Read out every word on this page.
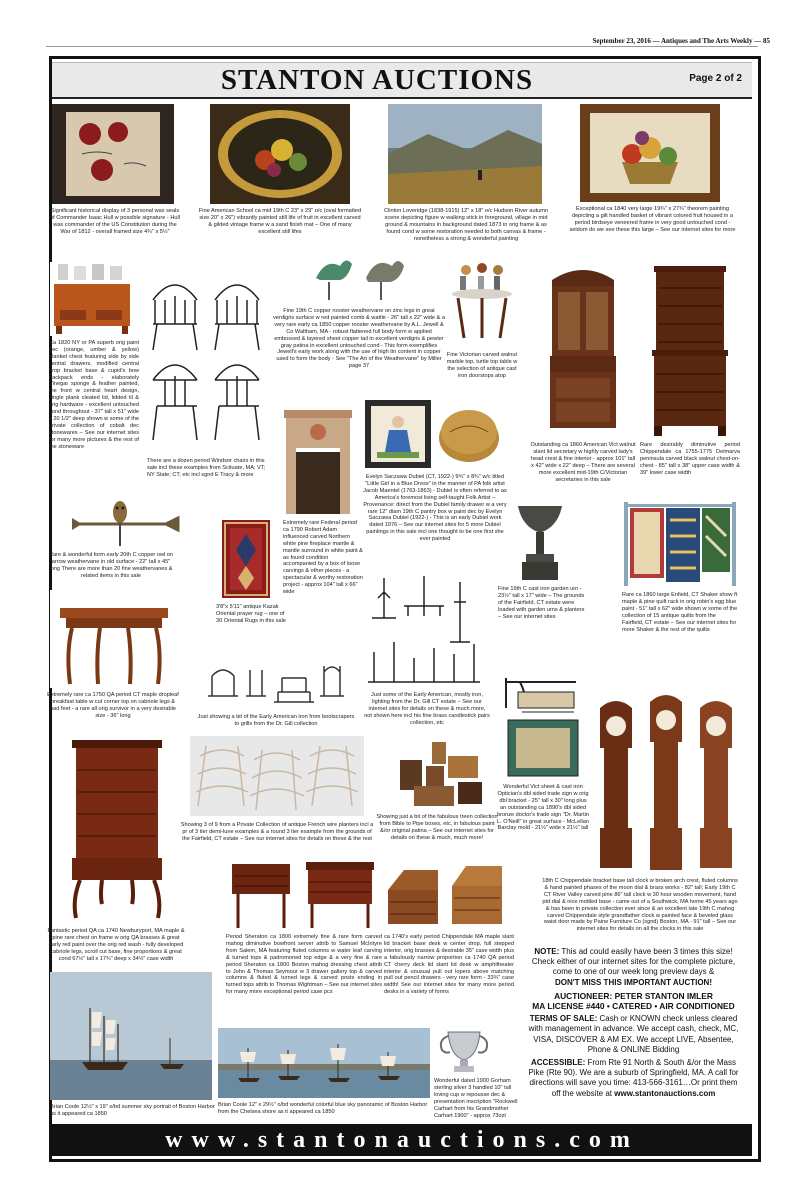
September 23, 2016 — Antiques and The Arts Weekly — 85
STANTON AUCTIONS	Page 2 of 2
Significant historical display of 3 personal wax seals of Commander Isaac Hull w possible signature - Hull was commander of the US Constitution during the War of 1812 - overall framed size 4¾" x 5½"
Fine American School ca mid 19th C 23" x 29" o/c (oval formatted size 20" x 26") vibrantly painted still life of fruit in excellent carved & gilded vintage frame w a sand finish mat – One of many excellent still lifes
Clinton Loveridge (1838-1915) 12" x 18" o/c Hudson River autumn scene depicting figure w walking stick in foreground, village in mid ground & mountains in background dated 1873 in orig frame & as found cond w some restoration needed to both canvas & frame - nonetheless a strong & wonderful painting
Exceptional ca 1840 very large 19¾" x 27¾" theorem painting depicting a gilt handled basket of vibrant colored fruit housed in a period birdseye veneered frame in very good untouched cond - seldom do we see these this large – See our internet sites for more
Ca 1820 NY or PA superb orig paint dec (orange, umber & yellow) blanket chest featuring side by side central drawers, modified central drop bracket base & cupid's bow backpack ends - elaborately Vinegar sponge & feather painted, the front w central heart design, single plank cleated lid, lidded til & orig hardware - excellent untouched cond throughout - 37" tall x 51" wide x 20 1/2" deep shown w some of the private collection of cobalt dec stonewares – See our internet sites for many more pictures & the rest of the stoneware
There are a dozen period Windsor chairs in this sale incl these examples from Scituate, MA; VT; NY State; CT; etc incl sgnd E Tracy & more
Fine 19th C copper rooster weathervane on zinc legs in great verdigris surface w red painted comb & wattle - 26" tall x 22" wide & a very rare early ca 1850 copper rooster weathervane by A.L. Jewell & Co Waltham, MA - robust flattened full body form w applied embossed & layered sheet copper tail in excellent verdigris & pewter gray patina in excellent untouched cond - This form exemplifies Jewell's early work along with the use of high tin content in copper used to form the body - See "The Art of the Weathervane" by Miller page 37
Fine Victorian carved walnut marble top, turtle top table w the selection of antique cast iron doorstops atop
Outstanding ca 1860 American Vict walnut slant lid secretary w highly carved lady's head crest & fine interior - approx 101" tall x 42" wide x 22" deep – There are several more excellent mid-19th C/Victorian secretaries in this sale
Rare desirably diminutive period Chippendale ca 1755-1775 Delmarva peninsula carved black walnut chest-on-chest - 85" tall x 38" upper case width & 39" lower case width
Extremely rare Federal period ca 1790 Robert Adam influenced carved Northern white pine fireplace mantle & mantle surround in white paint & as found condition accompanied by a box of loose carvings & other pieces - a spectacular & worthy restoration project - approx 104" tall x 66" wide
Evelyn Saczawa Dubiel (CT, 1922-) 9¾" x 8¾" w/c titled "Little Girl in a Blue Dress" in the manner of PA folk artist Jacob Maentel (1763-1863) - Dubiel is often referred to as America's foremost living self-taught Folk Artist – Provenance: direct from the Dubiel family drawer w a very rare 12" diam 19th C pantry box w paint dec by Evelyn Saczawa Dubiel (1922-) - This is an early Dubiel work dated 1976 – See our internet sites for 5 more Dubiel paintings in this sale incl one thought to be one first she ever painted
Rare & wonderful form early 20th C copper owl on arrow weathervane in old surface - 22" tall x 45" long There are more than 20 fine weathervanes & related items in this sale
3'8"x 5'11" antique Kazak Oriental prayer rug – one of 30 Oriental Rugs in this sale
Fine 19th C cast iron garden urn - 23½" tall x 17" wide – The grounds of the Fairfield, CT estate were loaded with garden urns & planters – See our internet sites
Rare ca 1860 large Enfield, CT Shaker show ft maple & pine quilt rack in orig robin's egg blue paint - 51" tall x 62" wide shown w some of the collection of 15 antique quilts from the Fairfield, CT estate – See our internet sites for more Shaker & the rest of the quilts
Extremely rare ca 1750 QA period CT maple dropleaf breakfast table w cut corner top on cabriole legs & pad feet - a rare all orig survivor in a very desirable size - 36" long
Just some of the Early American, mostly iron, lighting from the Dr. Gill CT estate – See our internet sites for details on these & much more, not shown here incl his fine brass candlestick pairs collection, etc
Just showing a bit of the Early American iron from bootscrapers to grills from the Dr. Gill collection
Wonderful Vict sheet & cast iron Optician's dbl sided trade sign w orig dbl bracket - 25" tall x 30" long plus an outstanding ca 1890's dbl sided bronze doctor's trade sign "Dr. Martin L. O'Neill" in great surface - McLellan Barclay mold - 21½" wide x 21½" tall
Fantastic period QA ca 1740 Newburyport, MA maple & pine rare chest on frame w orig QA brasses & great early red paint over the orig red wash - fully developed cabriole legs, scroll cut base, fine proportions & great cond 67½" tall x 17¾" deep x 34½" case width
Showing 3 of 9 from a Private Collection of antique French wire planters incl a pr of 3 tier demi-lune examples & a round 3 tier example from the grounds of the Fairfield, CT estate – See our internet sites for details on these & the rest
Showing just a bit of the fabulous treen collection from Bible to Pipe boxes, etc, in fabulous paint &/or original patina – See our internet sites for details on these & much, much more!
18th C Chippendale bracket base tall clock w broken arch crest, fluted columns & hand painted phases of the moon dial & brass works - 82" tall; Early 19th C CT River Valley carved pine 86" tall clock w 30 hour wooden movement, hand ptd dial & nice mottled base - came out of a Southwick, MA home 45 years ago & has been in private collection ever since & an excellent late 19th C mahog carved Chippendale style grandfather clock w painted face & beveled glass waist door made by Paine Furniture Co (sgnd) Boston, MA - 91" tall – See our internet sites for details on all the clocks in this sale
Period Sheraton ca 1800 extremely fine & rare form carved mahog diminutive bowfront server attrib to Samuel McIntyre from Salem, MA featuring fluted columns w water leaf carving & turned tops & padromoned top edge & a very fine & rare period Sheraton ca 1800 Boston mahog dressing chest attrib to John & Thomas Seymour w 3 drawer gallery top & carved columns & fluted & turned legs & carved posts ending in turned tops attrib to Thomas Wightman – See our internet sites for many more exceptional period case pcs
ca 1740's early period Chippendale MA maple slant lid bracket base desk w center drop, full stepped interior, orig brasses & desirable 35" case width plus a fabulously narrow proportion ca 1740 QA period CT cherry deck lid slant lid desk w amphitheater interior & unusual pull out lopers above matching pull out pencil drawers - very rare form - 33¾" case width! See our internet sites for many more period desks in a variety of forms
Brian Coole 12½" x 19" o/bd summer sky portrait of Boston Harbor as it appeared ca 1850
Brian Coole 12" x 29½" o/bd wonderful colorful blue sky panoramic of Boston Harbor from the Chelsea shore as it appeared ca 1850
Wonderful dated 1900 Gorham sterling silver 3 handled 10" tall loving cup w repousse dec & presentation inscription "Rockwell Carhart from his Grandmother Carhart 1900" - approx 73ozt

NOTE: This ad could easily have been 3 times this size! Check either of our internet sites for the complete picture, come to one of our week long preview days &
DON'T MISS THIS IMPORTANT AUCTION!

AUCTIONEER: PETER STANTON IMLER
MA LICENSE #440 • CATERED • AIR CONDITIONED

TERMS OF SALE: Cash or KNOWN check unless cleared with management in advance. We accept cash, check, MC, VISA, DISCOVER & AM EX. We accept LIVE, Absentee, Phone & ONLINE Bidding

ACCESSIBLE: From Rte 91 North & South &/or the Mass Pike (Rte 90). We are a suburb of Springfield, MA. A call for directions will save you time: 413-566-3161…Or print them off the website at www.stantonauctions.com

www.stantonauctions.com
